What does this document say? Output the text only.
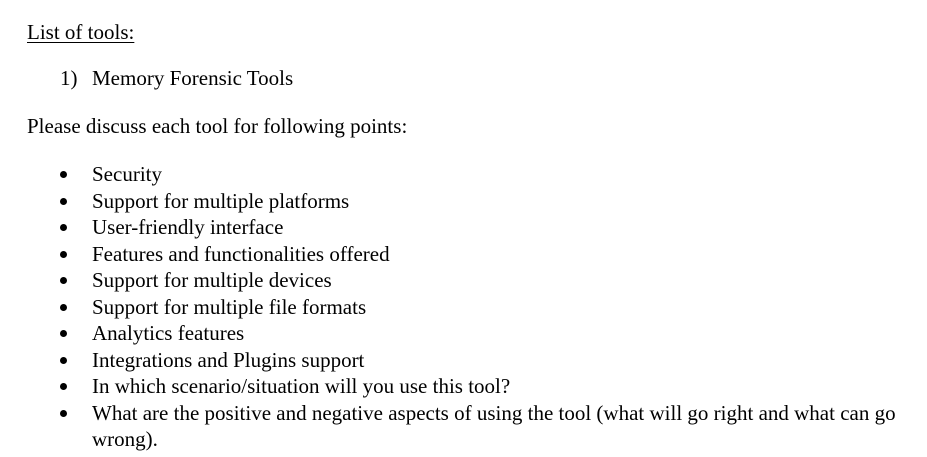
List of tools:
1) Memory Forensic Tools
Please discuss each tool for following points:
Security
Support for multiple platforms
User-friendly interface
Features and functionalities offered
Support for multiple devices
Support for multiple file formats
Analytics features
Integrations and Plugins support
In which scenario/situation will you use this tool?
What are the positive and negative aspects of using the tool (what will go right and what can go wrong).
